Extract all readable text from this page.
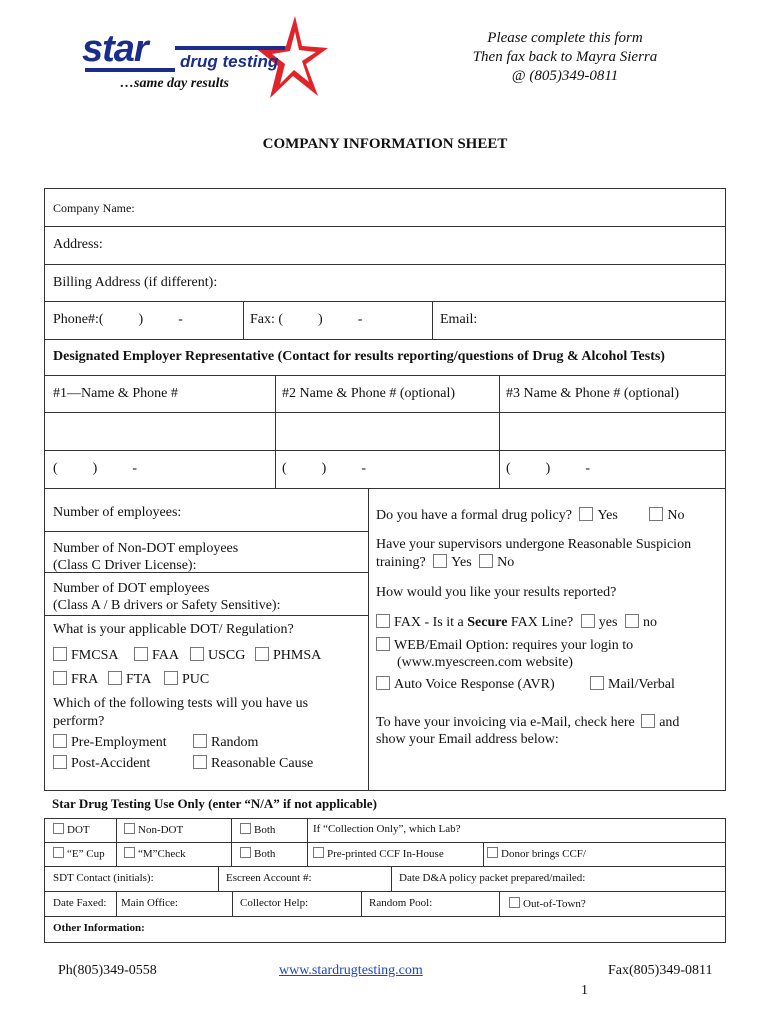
star drug testing
…same day results
Please complete this form
Then fax back to Mayra Sierra
@ (805)349-0811
COMPANY INFORMATION SHEET
Company Name:
Address:
Billing Address (if different):
Phone#:(          )          -	Fax: (          )          -	Email:
Designated Employer Representative (Contact for results reporting/questions of Drug & Alcohol Tests)
#1—Name & Phone #	#2 Name & Phone # (optional)	#3 Name & Phone # (optional)
(          )          -	(          )          -	(          )          -
Number of employees:
Number of Non-DOT employees
(Class C Driver License):
Number of DOT employees
(Class A / B drivers or Safety Sensitive):
What is your applicable DOT/ Regulation?
FMCSA	FAA	USCG	PHMSA
FRA	FTA	PUC
Which of the following tests will you have us
perform?
Pre-Employment	Random
Post-Accident	Reasonable Cause
Do you have a formal drug policy? Yes	No
Have your supervisors undergone Reasonable Suspicion
training? Yes No
How would you like your results reported?
FAX - Is it a Secure FAX Line? yes no
WEB/Email Option: requires your login to
(www.myescreen.com website)
Auto Voice Response (AVR)	Mail/Verbal
To have your invoicing via e-Mail, check here and
show your Email address below:
Star Drug Testing Use Only (enter “N/A” if not applicable)
DOT	Non-DOT	Both	If “Collection Only”, which Lab?
“E” Cup	“M”Check	Both	Pre-printed CCF In-House	Donor brings CCF/
SDT Contact (initials):	Escreen Account #:	Date D&A policy packet prepared/mailed:
Date Faxed: Main Office:	Collector Help:	Random Pool:	Out-of-Town?
Other Information:
Ph(805)349-0558	www.stardrugtesting.com	Fax(805)349-0811
1
